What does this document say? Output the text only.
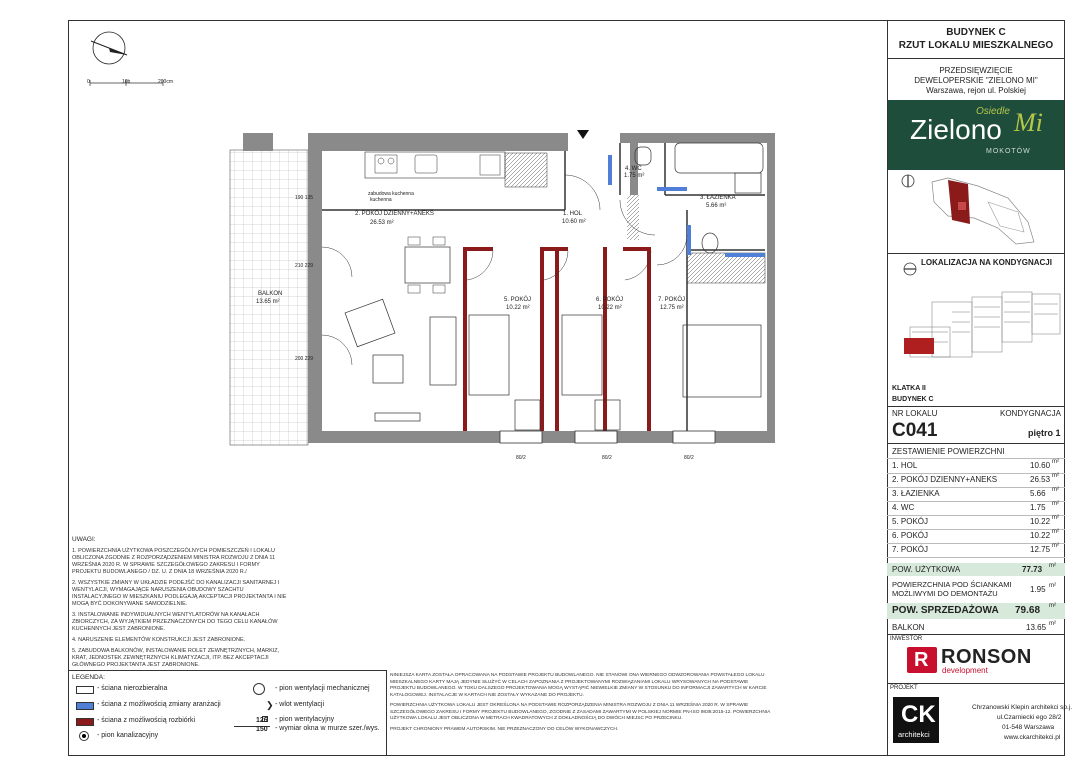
BUDYNEK C
RZUT LOKALU MIESZKALNEGO
PRZEDSIĘWZIĘCIE
DEWELOPERSKIE "ZIELONO MI"
Warszawa, rejon ul. Polskiej
Osiedle
Zielono Mi
MOKOTÓW
LOKALIZACJA NA KONDYGNACJI
KLATKA II
BUDYNEK C
NR LOKALU	KONDYGNACJA
C041	piętro 1
ZESTAWIENIE POWIERZCHNI
1. HOL	10.60 m²
2. POKÓJ DZIENNY+ANEKS	26.53 m²
3. ŁAZIENKA	5.66 m²
4. WC	1.75 m²
5. POKÓJ	10.22 m²
6. POKÓJ	10.22 m²
7. POKÓJ	12.75 m²
POW. UŻYTKOWA	77.73 m²
POWIERZCHNIA POD ŚCIANKAMI
MOŻLIWYMI DO DEMONTAŻU	1.95 m²
POW. SPRZEDAŻOWA 79.68 m²
BALKON	13.65 m²
INWESTOR
R RONSON
development
PROJEKT
CK
architekci
Chrzanowski Klepin architekci sp.j.
ul.Czarniecki ego 28/2
01-548 Warszawa
www.ckarchitekci.pl
0	10b	200cm
2. POKÓJ DZIENNY+ANEKS
26.53 m²
1. HOL
10.60 m²
4. WC
1.75 m²
3. ŁAZIENKA
5.66 m²
5. POKÓJ
10.22 m²
6. POKÓJ
10.22 m²
7. POKÓJ
12.75 m²
BALKON
13.65 m²
zabudowa kuchenna
kuchenna
190 135
210 229
200 229
80/2	80/2	80/2
UWAGI:
1. POWIERZCHNIA UŻYTKOWA POSZCZEGÓLNYCH POMIESZCZEŃ I LOKALU OBLICZONA ZGODNIE Z ROZPORZĄDZENIEM MINISTRA ROZWOJU Z DNIA 11 WRZEŚNIA 2020 R. W SPRAWIE SZCZEGÓŁOWEGO ZAKRESU I FORMY PROJEKTU BUDOWLANEGO / DZ. U. Z DNIA 18 WRZEŚNIA 2020 R./
2. WSZYSTKIE ZMIANY W UKŁADZIE PODEJŚĆ DO KANALIZACJI SANITARNEJ I WENTYLACJI, WYMAGAJĄCE NARUSZENIA OBUDOWY SZACHTU INSTALACYJNEGO W MIESZKANIU PODLEGAJĄ AKCEPTACJI PROJEKTANTA I NIE MOGĄ BYĆ DOKONYWANE SAMODZIELNIE.
3. INSTALOWANIE INDYWIDUALNYCH WENTYLATORÓW NA KANAŁACH ZBIORCZYCH, ZA WYJĄTKIEM PRZEZNACZONYCH DO TEGO CELU KANAŁÓW KUCHENNYCH JEST ZABRONIONE.
4. NARUSZENIE ELEMENTÓW KONSTRUKCJI JEST ZABRONIONE.
5. ZABUDOWA BALKONÓW, INSTALOWANIE ROLET ZEWNĘTRZNYCH, MARKIZ, KRAT, JEDNOSTEK ZEWNĘTRZNYCH KLIMATYZACJI, ITP. BEZ AKCEPTACJI GŁÓWNEGO PROJEKTANTA JEST ZABRONIONE.
LEGENDA:
- ściana nierozbieralna
- ściana z możliwością zmiany aranżacji
- ściana z możliwością rozbiórki
- pion kanalizacyjny
- pion wentylacji mechanicznej
❯ - wlot wentylacji
- pion wentylacyjny
126
150 - wymiar okna w murze szer./wys.
NINIEJSZA KARTA ZOSTAŁA OPRACOWANA NA PODSTAWIE PROJEKTU BUDOWLANEGO. NIE STANOWI ONA WIERNEGO ODWZOROWANIA POWSTAŁEGO LOKALU MIESZKALNEGO KARTY MAJĄ JEDYNIE SŁUŻYĆ W CELACH ZAPOZNANIA Z PROJEKTOWANYMI ROZWIĄZANIAMI LOKALU WRYSOWANYCH NA PODSTAWIE PROJEKTU BUDOWLANEGO. W TOKU DALSZEGO PROJEKTOWANIA MOGĄ WYSTĄPIĆ NIEWIELKIE ZMIANY W STOSUNKU DO INFORMACJI ZAWARTYCH W KARCIE KATALOGOWEJ. INSTALACJE W KARTACH NIE ZOSTAŁY WYKAZANE DO PROJEKTU.
POWIERZCHNIA UŻYTKOWA LOKALU JEST OKREŚLONA NA PODSTAWIE ROZPORZĄDZENIA MINISTRA ROZWOJU Z DNIA 11 WRZEŚNIA 2020 R. W SPRAWIE SZCZEGÓŁOWEGO ZAKRESU I FORMY PROJEKTU BUDOWLANEGO, ZGODNIE Z ZASADAMI ZAWARTYMI W POLSKIEJ NORMIE PN-ISO 9836:2015-12. POWIERZCHNIA UŻYTKOWA LOKALU JEST OBLICZONA W METRACH KWADRATOWYCH Z DOKŁADNOŚCIĄ DO DWÓCH MIEJSC PO PRZECINKU.
PROJEKT CHRONIONY PRAWEM AUTORSKIM. NIE PRZEZNACZONY DO CELÓW WYKONAWCZYCH.
